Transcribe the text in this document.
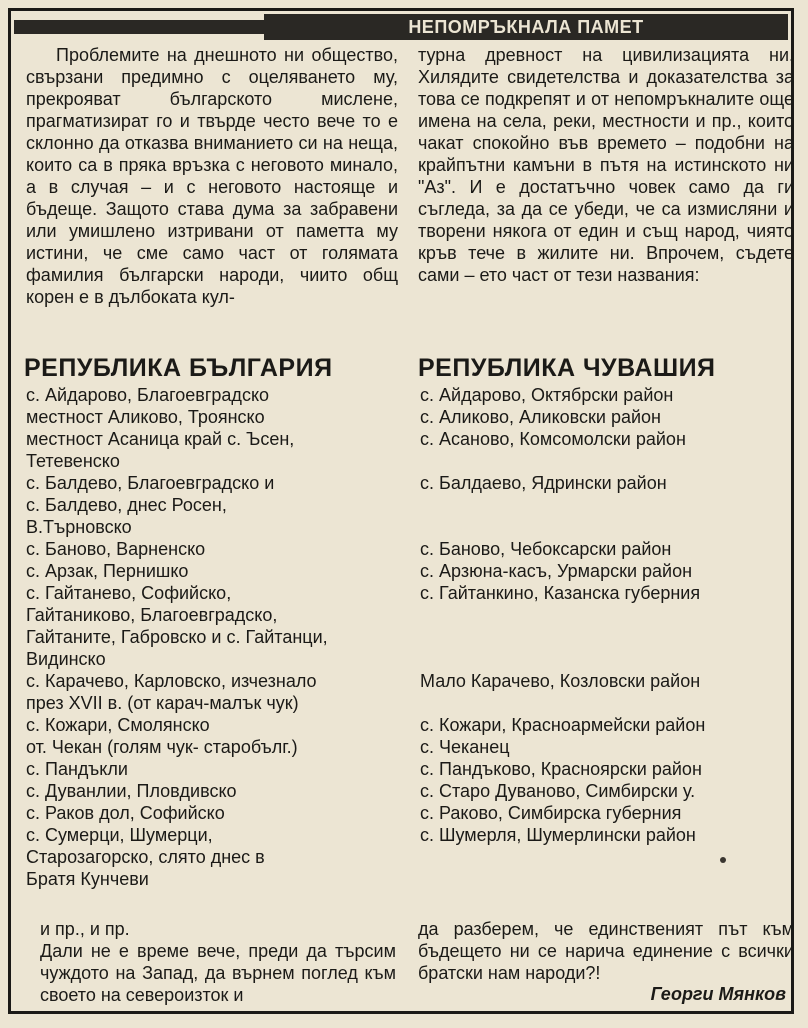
НЕПОМРЪКНАЛА ПАМЕТ

Проблемите на днешното ни общество, свързани предимно с оцеляването му, прекрояват българското мислене, прагматизират го и твърде често вече то е склонно да отказва вниманието си на неща, които са в пряка връзка с неговото минало, а в случая – и с неговото настояще и бъдеще. Защото става дума за забравени или умишлено изтривани от паметта му истини, че сме само част от голямата фамилия български народи, чиито общ корен е в дълбоката кул-

турна древност на цивилизацията ни. Хилядите свидетелства и доказателства за това се подкрепят и от непомръкналите още имена на села, реки, местности и пр., които чакат спокойно във времето – подобни на крайпътни камъни в пътя на истинското ни "Аз". И е достатъчно човек само да ги съгледа, за да се убеди, че са измисляни и творени някога от един и същ народ, чиято кръв тече в жилите ни. Впрочем, съдете сами – ето част от тези названия:

РЕПУБЛИКА БЪЛГАРИЯ	РЕПУБЛИКА ЧУВАШИЯ
с. Айдарово, Благоевградско
местност Аликово, Троянско
местност Асаница край с. Ъсен,
Тетевенско
с. Балдево, Благоевградско и
с. Балдево, днес Росен,
В.Търновско
с. Баново, Варненско
с. Арзак, Пернишко
с. Гайтанево, Софийско,
Гайтаниково, Благоевградско,
Гайтаните, Габровско и с. Гайтанци,
Видинско
с. Карачево, Карловско, изчезнало
през XVII в. (от карач-малък чук)
с. Кожари, Смолянско
от. Чекан (голям чук- старобълг.)
с. Пандъкли
с. Дуванлии, Пловдивско
с. Раков дол, Софийско
с. Сумерци, Шумерци,
Старозагорско, слято днес в
Братя Кунчеви
с. Айдарово, Октябрски район
с. Аликово, Аликовски район
с. Асаново, Комсомолски район

с. Балдаево, Ядрински район

с. Баново, Чебоксарски район
с. Арзюна-касъ, Урмарски район
с. Гайтанкино, Казанска губерния

Мало Карачево, Козловски район

с. Кожари, Красноармейски район
с. Чеканец
с. Пандъково, Красноярски район
с. Старо Дуваново, Симбирски у.
с. Раково, Симбирска губерния
с. Шумерля, Шумерлински район

и пр., и пр.
Дали не е време вече, преди да търсим чуждото на Запад, да върнем поглед към своето на североизток и
да разберем, че единственият път към бъдещето ни се нарича единение с всички братски нам народи?!
Георги Мянков
